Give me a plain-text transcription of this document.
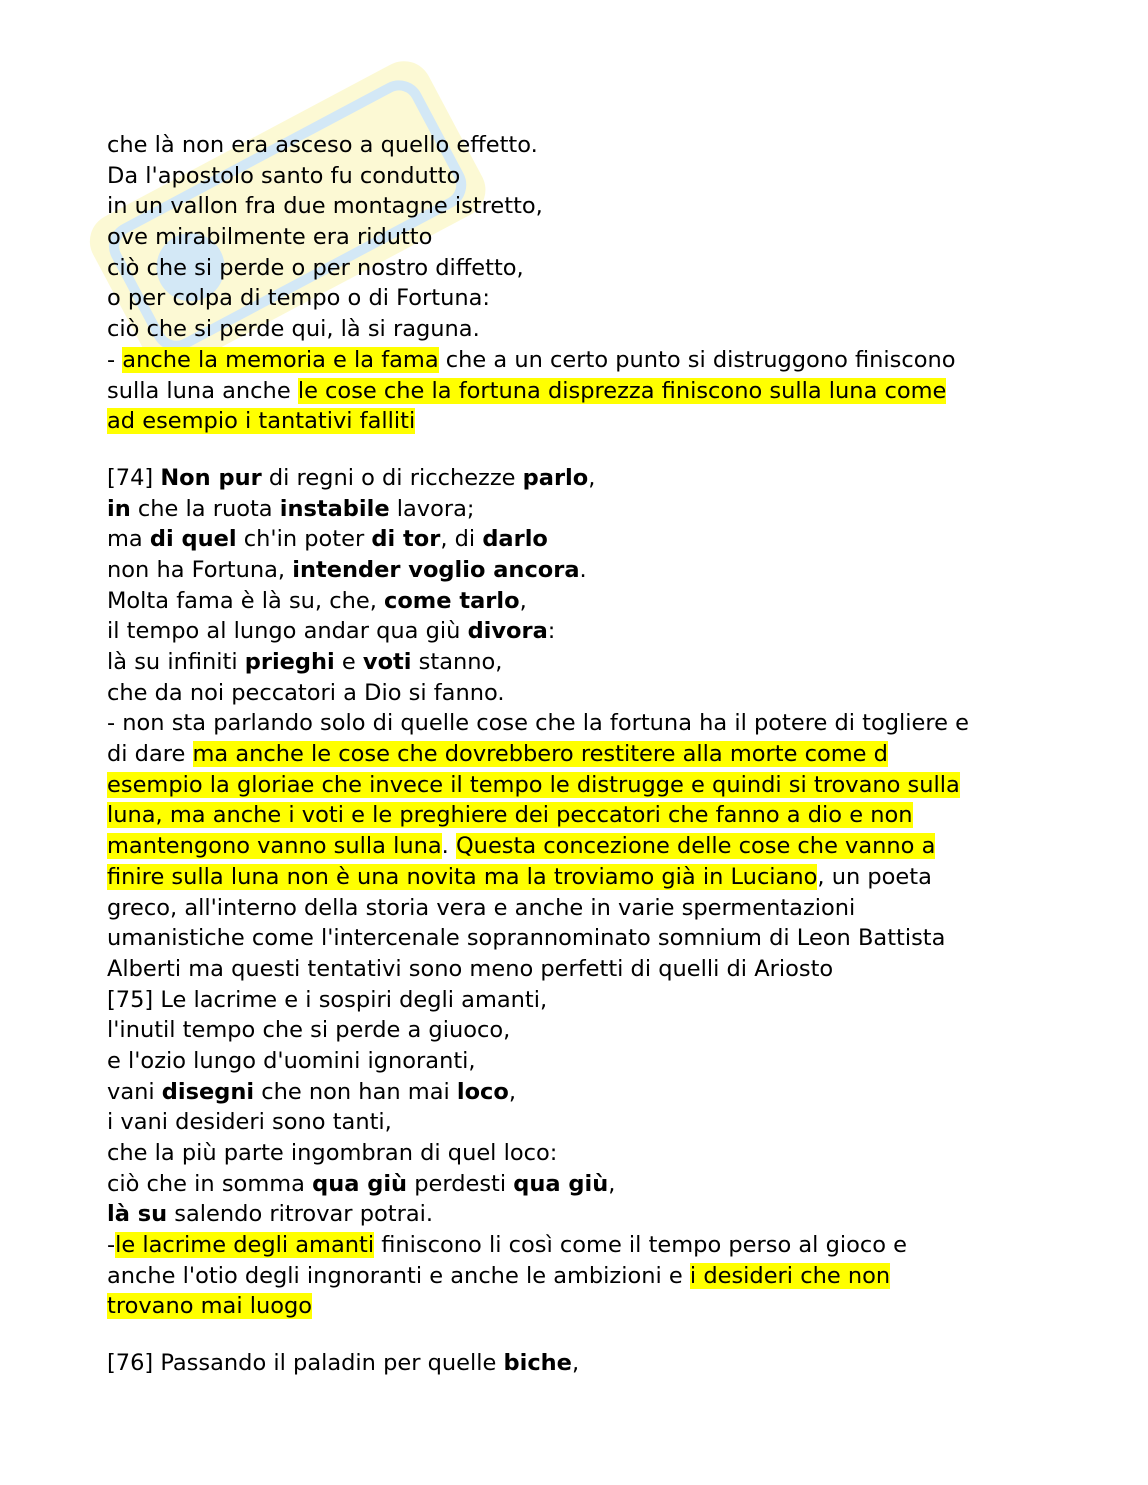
che là non era asceso a quello effetto.
Da l'apostolo santo fu condutto
in un vallon fra due montagne istretto,
ove mirabilmente era ridutto
ciò che si perde o per nostro diffetto,
o per colpa di tempo o di Fortuna:
ciò che si perde qui, là si raguna.
- anche la memoria e la fama che a un certo punto si distruggono finiscono
sulla luna anche le cose che la fortuna disprezza finiscono sulla luna come
ad esempio i tantativi falliti
[74] Non pur di regni o di ricchezze parlo,
in che la ruota instabile lavora;
ma di quel ch'in poter di tor, di darlo
non ha Fortuna, intender voglio ancora.
Molta fama è là su, che, come tarlo,
il tempo al lungo andar qua giù divora:
là su infiniti prieghi e voti stanno,
che da noi peccatori a Dio si fanno.
- non sta parlando solo di quelle cose che la fortuna ha il potere di togliere e
di dare ma anche le cose che dovrebbero restitere alla morte come d
esempio la gloriae che invece il tempo le distrugge e quindi si trovano sulla
luna, ma anche i voti e le preghiere dei peccatori che fanno a dio e non
mantengono vanno sulla luna. Questa concezione delle cose che vanno a
finire sulla luna non è una novita ma la troviamo già in Luciano, un poeta
greco, all'interno della storia vera e anche in varie spermentazioni
umanistiche come l'intercenale soprannominato somnium di Leon Battista
Alberti ma questi tentativi sono meno perfetti di quelli di Ariosto
[75] Le lacrime e i sospiri degli amanti,
l'inutil tempo che si perde a giuoco,
e l'ozio lungo d'uomini ignoranti,
vani disegni che non han mai loco,
i vani desideri sono tanti,
che la più parte ingombran di quel loco:
ciò che in somma qua giù perdesti qua giù,
là su salendo ritrovar potrai.
-le lacrime degli amanti finiscono li così come il tempo perso al gioco e
anche l'otio degli ingnoranti e anche le ambizioni e i desideri che non
trovano mai luogo
[76] Passando il paladin per quelle biche,
